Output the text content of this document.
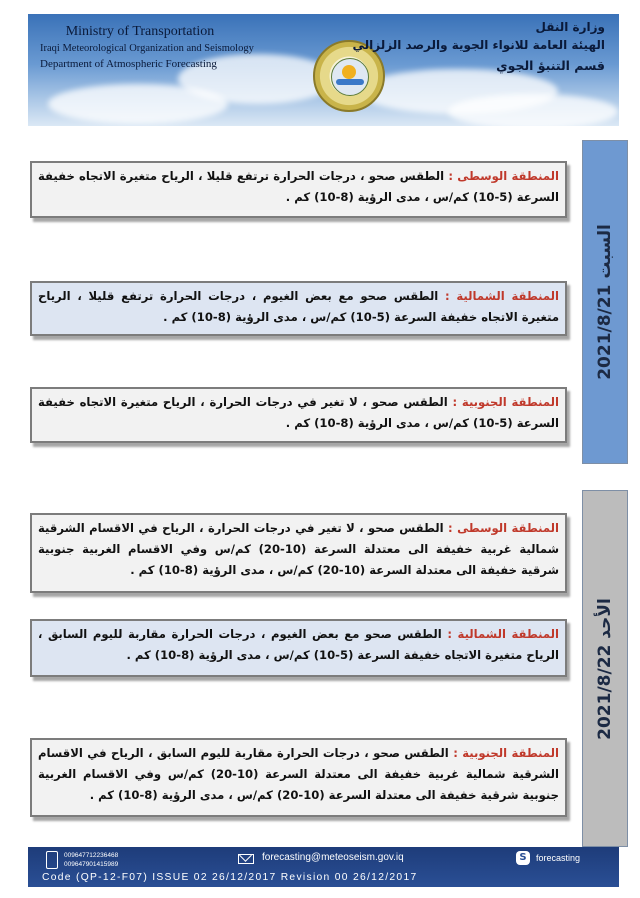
Ministry of Transportation
Iraqi Meteorological Organization and Seismology
Department of Atmospheric Forecasting
وزارة النقل
الهيئة العامة للانواء الجوية والرصد الزلزالي
قسم التنبؤ الجوي
السبت 2021/8/21
الأحد 2021/8/22
المنطقة الوسطى : الطقس صحو ، درجات الحرارة ترتفع قليلا ، الرياح متغيرة الاتجاه خفيفة السرعة (5-10) كم/س ، مدى الرؤية (8-10) كم .
المنطقة الشمالية : الطقس صحو مع بعض الغيوم ، درجات الحرارة ترتفع قليلا ، الرياح متغيرة الاتجاه خفيفة السرعة (5-10) كم/س ، مدى الرؤية (8-10) كم .
المنطقة الجنوبية : الطقس صحو ، لا تغير في درجات الحرارة ، الرياح متغيرة الاتجاه خفيفة السرعة (5-10) كم/س ، مدى الرؤية (8-10) كم .
المنطقة الوسطى : الطقس صحو ، لا تغير في درجات الحرارة ، الرياح في الاقسام الشرقية شمالية غربية خفيفة الى معتدلة السرعة (10-20) كم/س وفي الاقسام الغربية جنوبية شرقية خفيفة الى معتدلة السرعة (10-20) كم/س ، مدى الرؤية (8-10) كم .
المنطقة الشمالية : الطقس صحو مع بعض الغيوم ، درجات الحرارة مقاربة لليوم السابق ، الرياح متغيرة الاتجاه خفيفة السرعة (5-10) كم/س ، مدى الرؤية (8-10) كم .
المنطقة الجنوبية : الطقس صحو ، درجات الحرارة مقاربة لليوم السابق ، الرياح في الاقسام الشرقية شمالية غربية خفيفة الى معتدلة السرعة (10-20) كم/س وفي الاقسام الغربية جنوبية شرقية خفيفة الى معتدلة السرعة (10-20) كم/س ، مدى الرؤية (8-10) كم .
009647712236468
009647901415989
forecasting@meteoseism.gov.iq	S	forecasting
Code (QP-12-F07) ISSUE 02 26/12/2017 Revision 00 26/12/2017
